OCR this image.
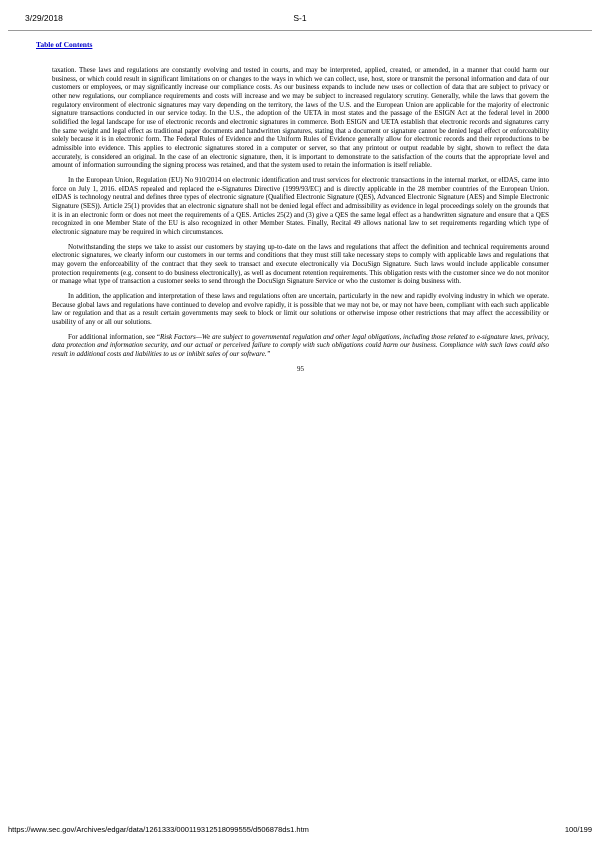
3/29/2018	S-1
Table of Contents

taxation. These laws and regulations are constantly evolving and tested in courts, and may be interpreted, applied, created, or amended, in a manner that could harm our business, or which could result in significant limitations on or changes to the ways in which we can collect, use, host, store or transmit the personal information and data of our customers or employees, or may significantly increase our compliance costs. As our business expands to include new uses or collection of data that are subject to privacy or other new regulations, our compliance requirements and costs will increase and we may be subject to increased regulatory scrutiny. Generally, while the laws that govern the regulatory environment of electronic signatures may vary depending on the territory, the laws of the U.S. and the European Union are applicable for the majority of electronic signature transactions conducted in our service today. In the U.S., the adoption of the UETA in most states and the passage of the ESIGN Act at the federal level in 2000 solidified the legal landscape for use of electronic records and electronic signatures in commerce. Both ESIGN and UETA establish that electronic records and signatures carry the same weight and legal effect as traditional paper documents and handwritten signatures, stating that a document or signature cannot be denied legal effect or enforceability solely because it is in electronic form. The Federal Rules of Evidence and the Uniform Rules of Evidence generally allow for electronic records and their reproductions to be admissible into evidence. This applies to electronic signatures stored in a computer or server, so that any printout or output readable by sight, shown to reflect the data accurately, is considered an original. In the case of an electronic signature, then, it is important to demonstrate to the satisfaction of the courts that the appropriate level and amount of information surrounding the signing process was retained, and that the system used to retain the information is itself reliable.

In the European Union, Regulation (EU) No 910/2014 on electronic identification and trust services for electronic transactions in the internal market, or eIDAS, came into force on July 1, 2016. eIDAS repealed and replaced the e-Signatures Directive (1999/93/EC) and is directly applicable in the 28 member countries of the European Union. eIDAS is technology neutral and defines three types of electronic signature (Qualified Electronic Signature (QES), Advanced Electronic Signature (AES) and Simple Electronic Signature (SES)). Article 25(1) provides that an electronic signature shall not be denied legal effect and admissibility as evidence in legal proceedings solely on the grounds that it is in an electronic form or does not meet the requirements of a QES. Articles 25(2) and (3) give a QES the same legal effect as a handwritten signature and ensure that a QES recognized in one Member State of the EU is also recognized in other Member States. Finally, Recital 49 allows national law to set requirements regarding which type of electronic signature may be required in which circumstances.

Notwithstanding the steps we take to assist our customers by staying up-to-date on the laws and regulations that affect the definition and technical requirements around electronic signatures, we clearly inform our customers in our terms and conditions that they must still take necessary steps to comply with applicable laws and regulations that may govern the enforceability of the contract that they seek to transact and execute electronically via DocuSign Signature. Such laws would include applicable consumer protection requirements (e.g. consent to do business electronically), as well as document retention requirements. This obligation rests with the customer since we do not monitor or manage what type of transaction a customer seeks to send through the DocuSign Signature Service or who the customer is doing business with.

In addition, the application and interpretation of these laws and regulations often are uncertain, particularly in the new and rapidly evolving industry in which we operate. Because global laws and regulations have continued to develop and evolve rapidly, it is possible that we may not be, or may not have been, compliant with each such applicable law or regulation and that as a result certain governments may seek to block or limit our solutions or otherwise impose other restrictions that may affect the accessibility or usability of any or all our solutions.

For additional information, see “Risk Factors—We are subject to governmental regulation and other legal obligations, including those related to e-signature laws, privacy, data protection and information security, and our actual or perceived failure to comply with such obligations could harm our business. Compliance with such laws could also result in additional costs and liabilities to us or inhibit sales of our software.”

95
https://www.sec.gov/Archives/edgar/data/1261333/000119312518099555/d506878ds1.htm	100/199
